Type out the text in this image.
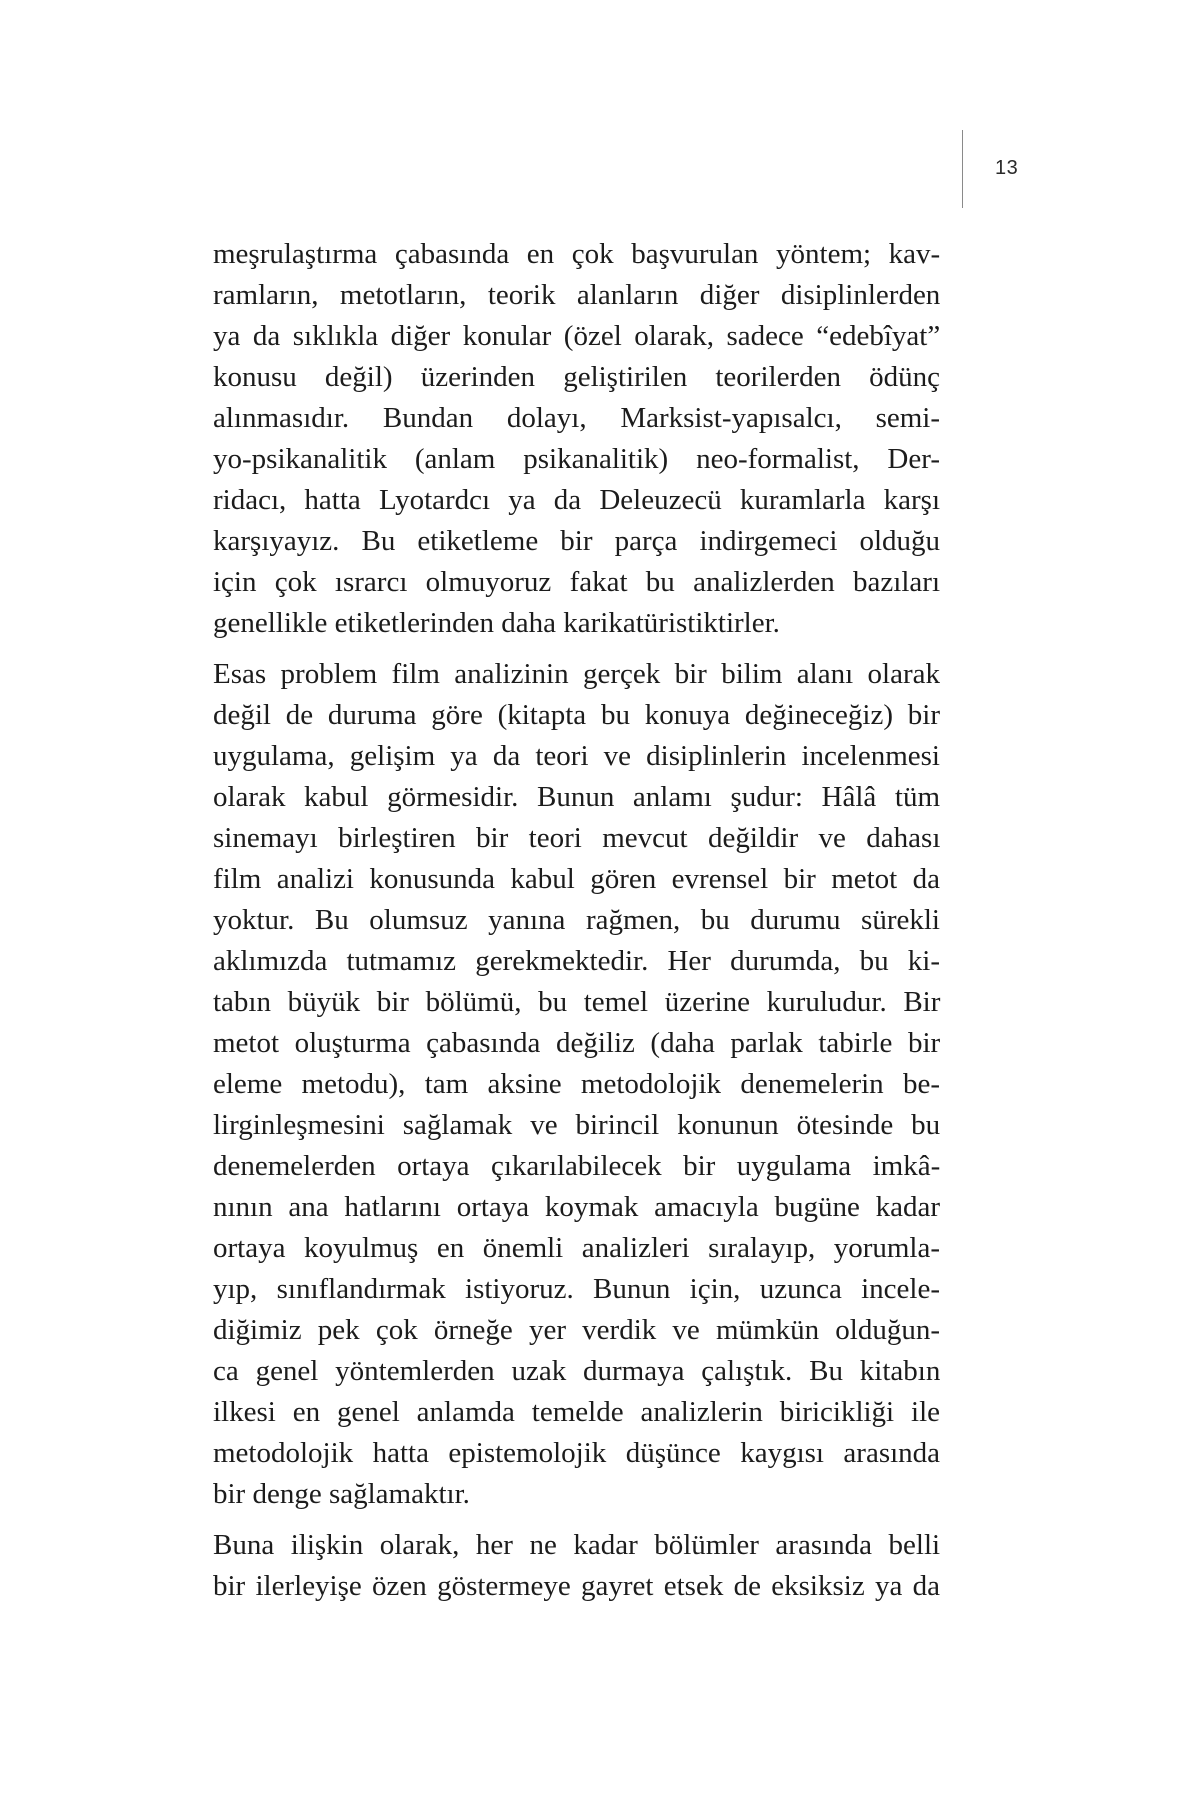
13
meşrulaştırma çabasında en çok başvurulan yöntem; kav-
ramların, metotların, teorik alanların diğer disiplinlerden
ya da sıklıkla diğer konular (özel olarak, sadece “edebîyat”
konusu değil) üzerinden geliştirilen teorilerden ödünç
alınmasıdır. Bundan dolayı, Marksist-yapısalcı, semi-
yo-psikanalitik (anlam psikanalitik) neo-formalist, Der-
ridacı, hatta Lyotardcı ya da Deleuzecü kuramlarla karşı
karşıyayız. Bu etiketleme bir parça indirgemeci olduğu
için çok ısrarcı olmuyoruz fakat bu analizlerden bazıları
genellikle etiketlerinden daha karikatüristiktirler.
Esas problem film analizinin gerçek bir bilim alanı olarak
değil de duruma göre (kitapta bu konuya değineceğiz) bir
uygulama, gelişim ya da teori ve disiplinlerin incelenmesi
olarak kabul görmesidir. Bunun anlamı şudur: Hâlâ tüm
sinemayı birleştiren bir teori mevcut değildir ve dahası
film analizi konusunda kabul gören evrensel bir metot da
yoktur. Bu olumsuz yanına rağmen, bu durumu sürekli
aklımızda tutmamız gerekmektedir. Her durumda, bu ki-
tabın büyük bir bölümü, bu temel üzerine kuruludur. Bir
metot oluşturma çabasında değiliz (daha parlak tabirle bir
eleme metodu), tam aksine metodolojik denemelerin be-
lirginleşmesini sağlamak ve birincil konunun ötesinde bu
denemelerden ortaya çıkarılabilecek bir uygulama imkâ-
nının ana hatlarını ortaya koymak amacıyla bugüne kadar
ortaya koyulmuş en önemli analizleri sıralayıp, yorumla-
yıp, sınıflandırmak istiyoruz. Bunun için, uzunca incele-
diğimiz pek çok örneğe yer verdik ve mümkün olduğun-
ca genel yöntemlerden uzak durmaya çalıştık. Bu kitabın
ilkesi en genel anlamda temelde analizlerin biricikliği ile
metodolojik hatta epistemolojik düşünce kaygısı arasında
bir denge sağlamaktır.
Buna ilişkin olarak, her ne kadar bölümler arasında belli
bir ilerleyişe özen göstermeye gayret etsek de eksiksiz ya da
